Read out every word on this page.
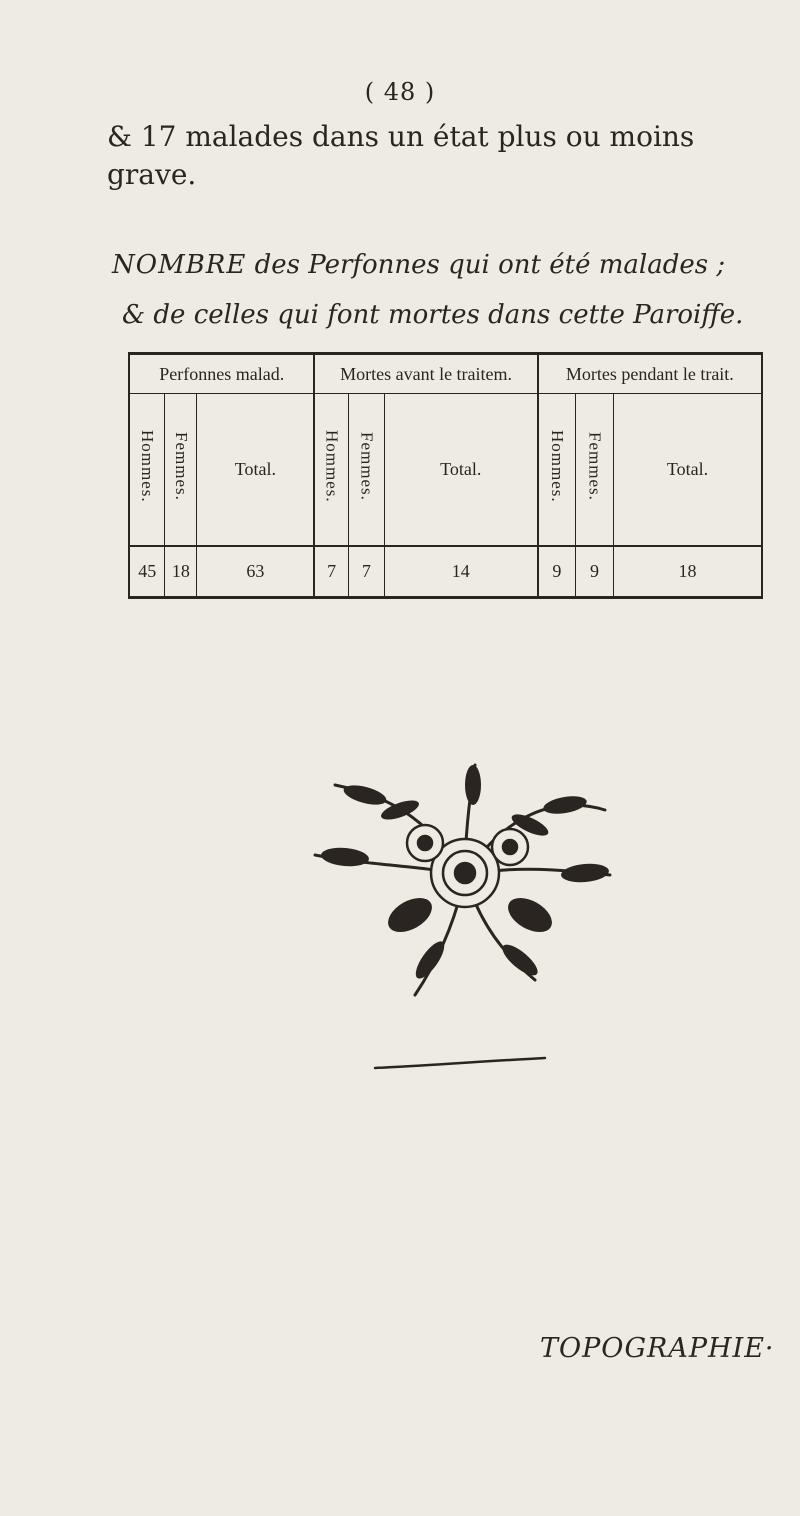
( 48 )
& 17 malades dans un état plus ou moins
grave.
NOMBRE des Perfonnes qui ont été malades ;
& de celles qui font mortes dans cette Paroiffe.
Perfonnes malad.			Mortes avant le traitem.			Mortes pendant le trait.		
Hommes.	Femmes.	Total.	Hommes.	Femmes.	Total.	Hommes.	Femmes.	Total.
45	18	63	7	7	14	9	9	18
TOPOGRAPHIE·
